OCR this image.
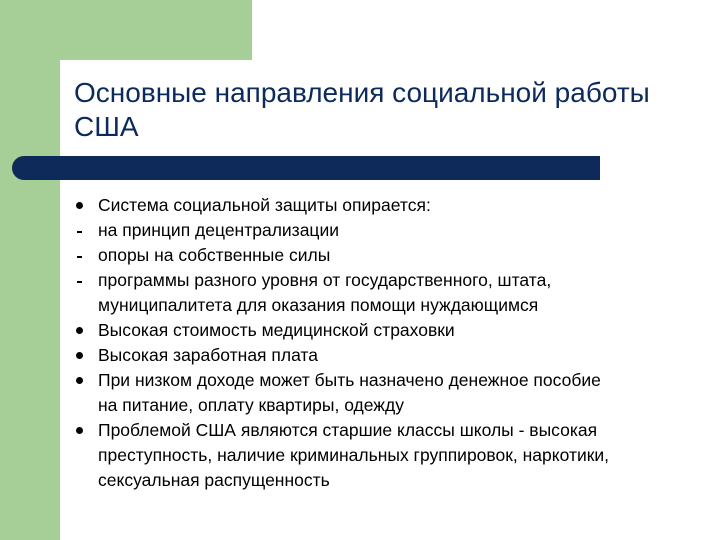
Основные направления социальной работы США
Система социальной защиты опирается:
на принцип децентрализации
опоры на собственные силы
программы разного уровня от государственного, штата,
муниципалитета для оказания помощи нуждающимся
Высокая стоимость медицинской страховки
Высокая заработная плата
При низком доходе может быть назначено денежное пособие
на питание, оплату квартиры, одежду
Проблемой США являются старшие классы школы - высокая
преступность, наличие криминальных группировок, наркотики,
сексуальная распущенность
